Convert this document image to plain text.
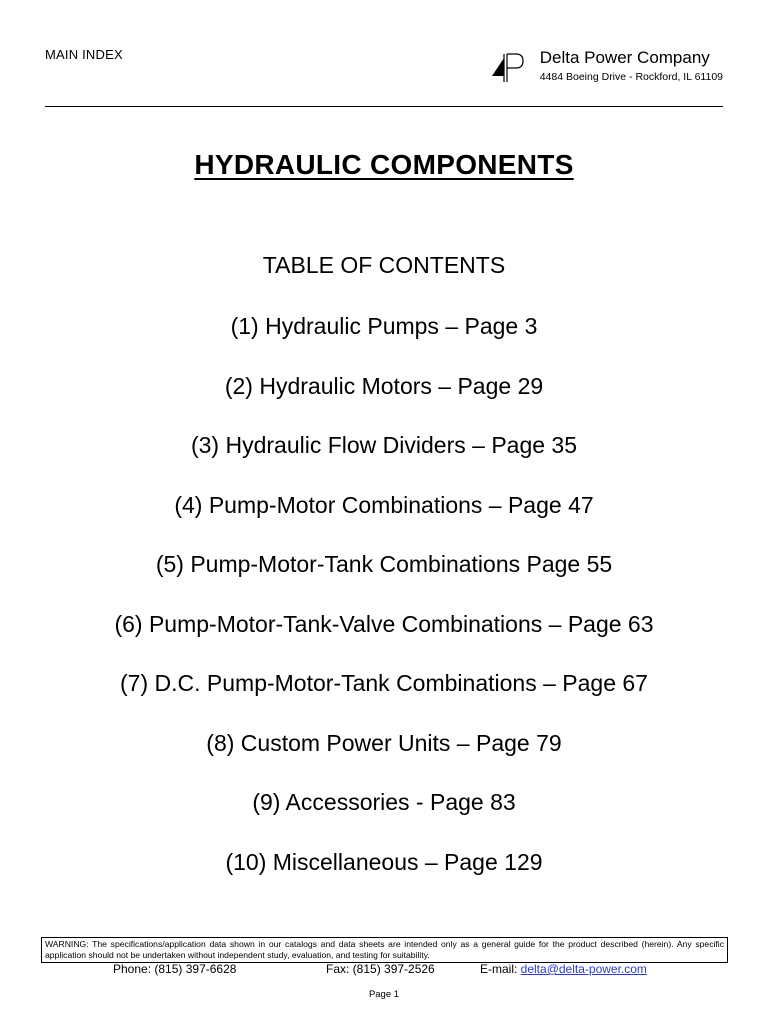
MAIN INDEX	Delta Power Company
4484 Boeing Drive - Rockford, IL 61109
HYDRAULIC COMPONENTS
TABLE OF CONTENTS
(1) Hydraulic Pumps – Page 3
(2) Hydraulic Motors – Page 29
(3) Hydraulic Flow Dividers – Page 35
(4) Pump-Motor Combinations – Page 47
(5) Pump-Motor-Tank Combinations Page 55
(6) Pump-Motor-Tank-Valve Combinations – Page 63
(7) D.C. Pump-Motor-Tank Combinations – Page 67
(8) Custom Power Units – Page 79
(9) Accessories - Page 83
(10) Miscellaneous – Page 129
WARNING: The specifications/application data shown in our catalogs and data sheets are intended only as a general guide for the product described (herein). Any specific application should not be undertaken without independent study, evaluation, and testing for suitability.
Phone: (815) 397-6628	Fax: (815) 397-2526	E-mail: delta@delta-power.com
Page 1
